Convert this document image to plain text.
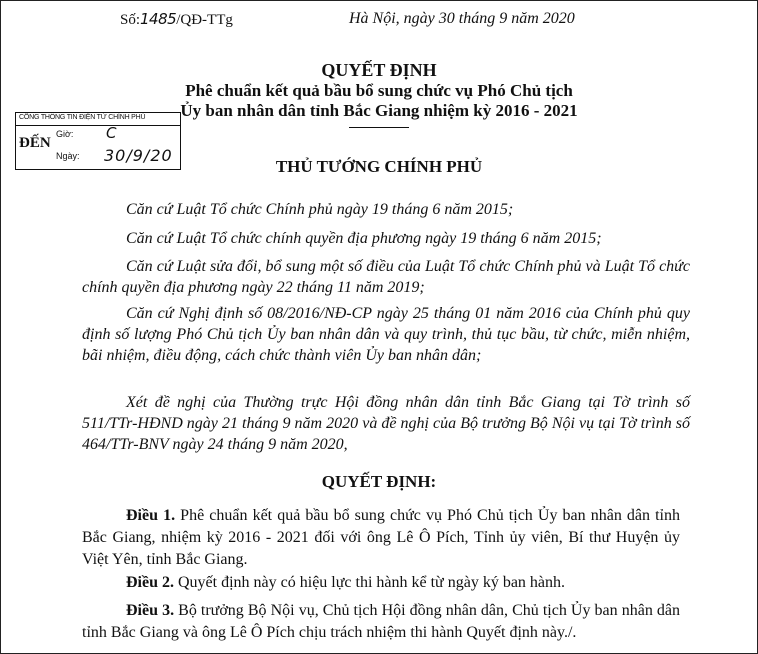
Số:1485/QĐ-TTg	Hà Nội, ngày 30 tháng 9 năm 2020
QUYẾT ĐỊNH
Phê chuẩn kết quả bầu bổ sung chức vụ Phó Chủ tịch
Ủy ban nhân dân tỉnh Bắc Giang nhiệm kỳ 2016 - 2021
CỔNG THÔNG TIN ĐIỆN TỬ CHÍNH PHỦ
ĐẾN
Giờ: C
Ngày: 30/9/20
THỦ TƯỚNG CHÍNH PHỦ
Căn cứ Luật Tổ chức Chính phủ ngày 19 tháng 6 năm 2015;
Căn cứ Luật Tổ chức chính quyền địa phương ngày 19 tháng 6 năm 2015;
Căn cứ Luật sửa đổi, bổ sung một số điều của Luật Tổ chức Chính phủ và Luật Tổ chức chính quyền địa phương ngày 22 tháng 11 năm 2019;
Căn cứ Nghị định số 08/2016/NĐ-CP ngày 25 tháng 01 năm 2016 của Chính phủ quy định số lượng Phó Chủ tịch Ủy ban nhân dân và quy trình, thủ tục bầu, từ chức, miễn nhiệm, bãi nhiệm, điều động, cách chức thành viên Ủy ban nhân dân;
Xét đề nghị của Thường trực Hội đồng nhân dân tỉnh Bắc Giang tại Tờ trình số 511/TTr-HĐND ngày 21 tháng 9 năm 2020 và đề nghị của Bộ trưởng Bộ Nội vụ tại Tờ trình số 464/TTr-BNV ngày 24 tháng 9 năm 2020,
QUYẾT ĐỊNH:
Điều 1. Phê chuẩn kết quả bầu bổ sung chức vụ Phó Chủ tịch Ủy ban nhân dân tỉnh Bắc Giang, nhiệm kỳ 2016 - 2021 đối với ông Lê Ô Pích, Tỉnh ủy viên, Bí thư Huyện ủy Việt Yên, tỉnh Bắc Giang.
Điều 2. Quyết định này có hiệu lực thi hành kể từ ngày ký ban hành.
Điều 3. Bộ trưởng Bộ Nội vụ, Chủ tịch Hội đồng nhân dân, Chủ tịch Ủy ban nhân dân tỉnh Bắc Giang và ông Lê Ô Pích chịu trách nhiệm thi hành Quyết định này./.
